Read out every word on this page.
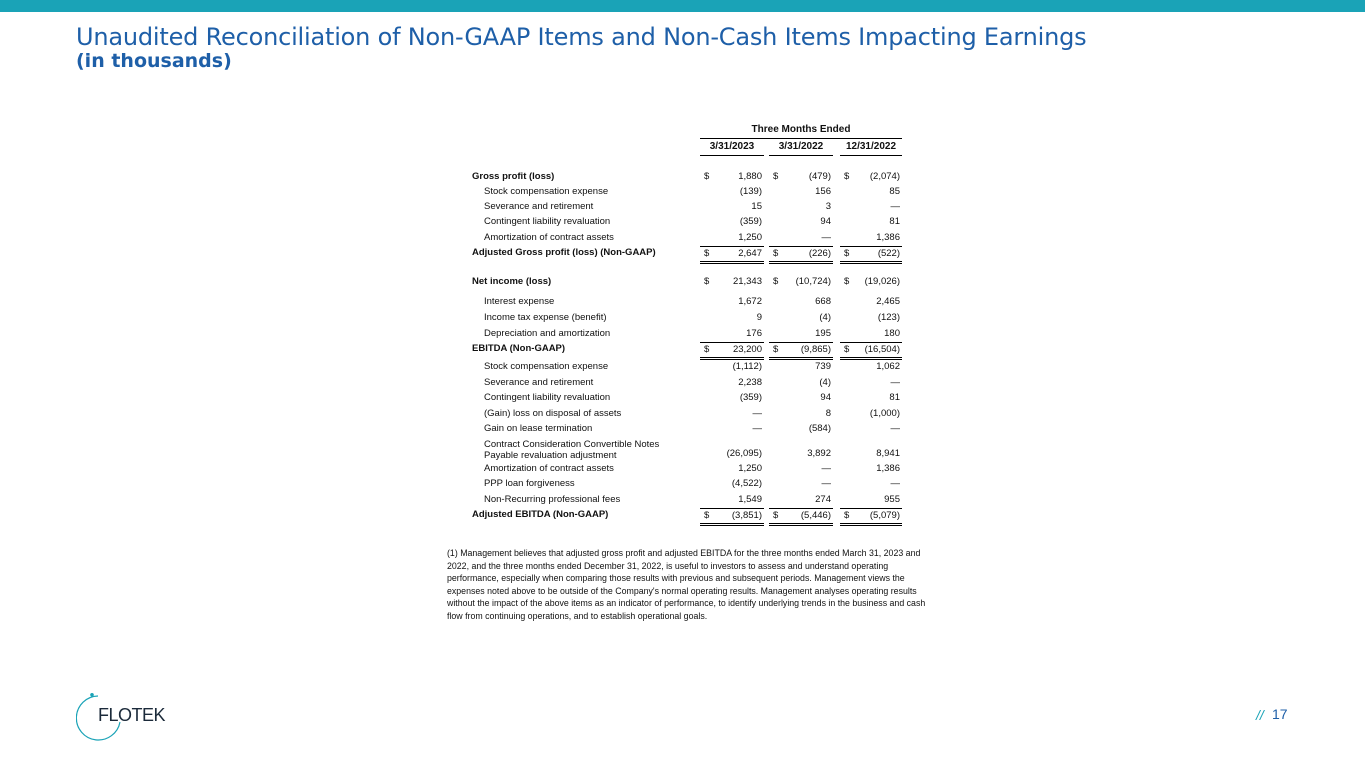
Unaudited Reconciliation of Non-GAAP Items and Non-Cash Items Impacting Earnings
(in thousands)
Three Months Ended
3/31/2023	3/31/2022	12/31/2022
Gross profit (loss)	$	1,880 $	(479) $ (2,074)
Stock compensation expense	(139)	156	85
Severance and retirement	15	3	—
Contingent liability revaluation	(359)	94	81
Amortization of contract assets	1,250	—	1,386
Adjusted Gross profit (loss) (Non-GAAP)	$	2,647 $	(226) $	(522)
Net income (loss)	$ 21,343 $ (10,724) $ (19,026)
Interest expense	1,672	668	2,465
Income tax expense (benefit)	9	(4)	(123)
Depreciation and amortization	176	195	180
EBITDA (Non-GAAP)	$ 23,200 $ (9,865) $ (16,504)
Stock compensation expense	(1,112)	739	1,062
Severance and retirement	2,238	(4)	—
Contingent liability revaluation	(359)	94	81
(Gain) loss on disposal of assets	—	8	(1,000)
Gain on lease termination	—	(584)	—
Contract Consideration Convertible Notes
Payable revaluation adjustment	(26,095)	3,892	8,941
Amortization of contract assets	1,250	—	1,386
PPP loan forgiveness	(4,522)	—	—
Non-Recurring professional fees	1,549	274	955
Adjusted EBITDA (Non-GAAP)	$ (3,851) $ (5,446) $ (5,079)

(1) Management believes that adjusted gross profit and adjusted EBITDA for the three months ended March 31, 2023 and 2022, and the three months ended December 31, 2022, is useful to investors to assess and understand operating performance, especially when comparing those results with previous and subsequent periods. Management views the expenses noted above to be outside of the Company's normal operating results. Management analyses operating results without the impact of the above items as an indicator of performance, to identify underlying trends in the business and cash flow from continuing operations, and to establish operational goals.

FLOTEK	// 17
